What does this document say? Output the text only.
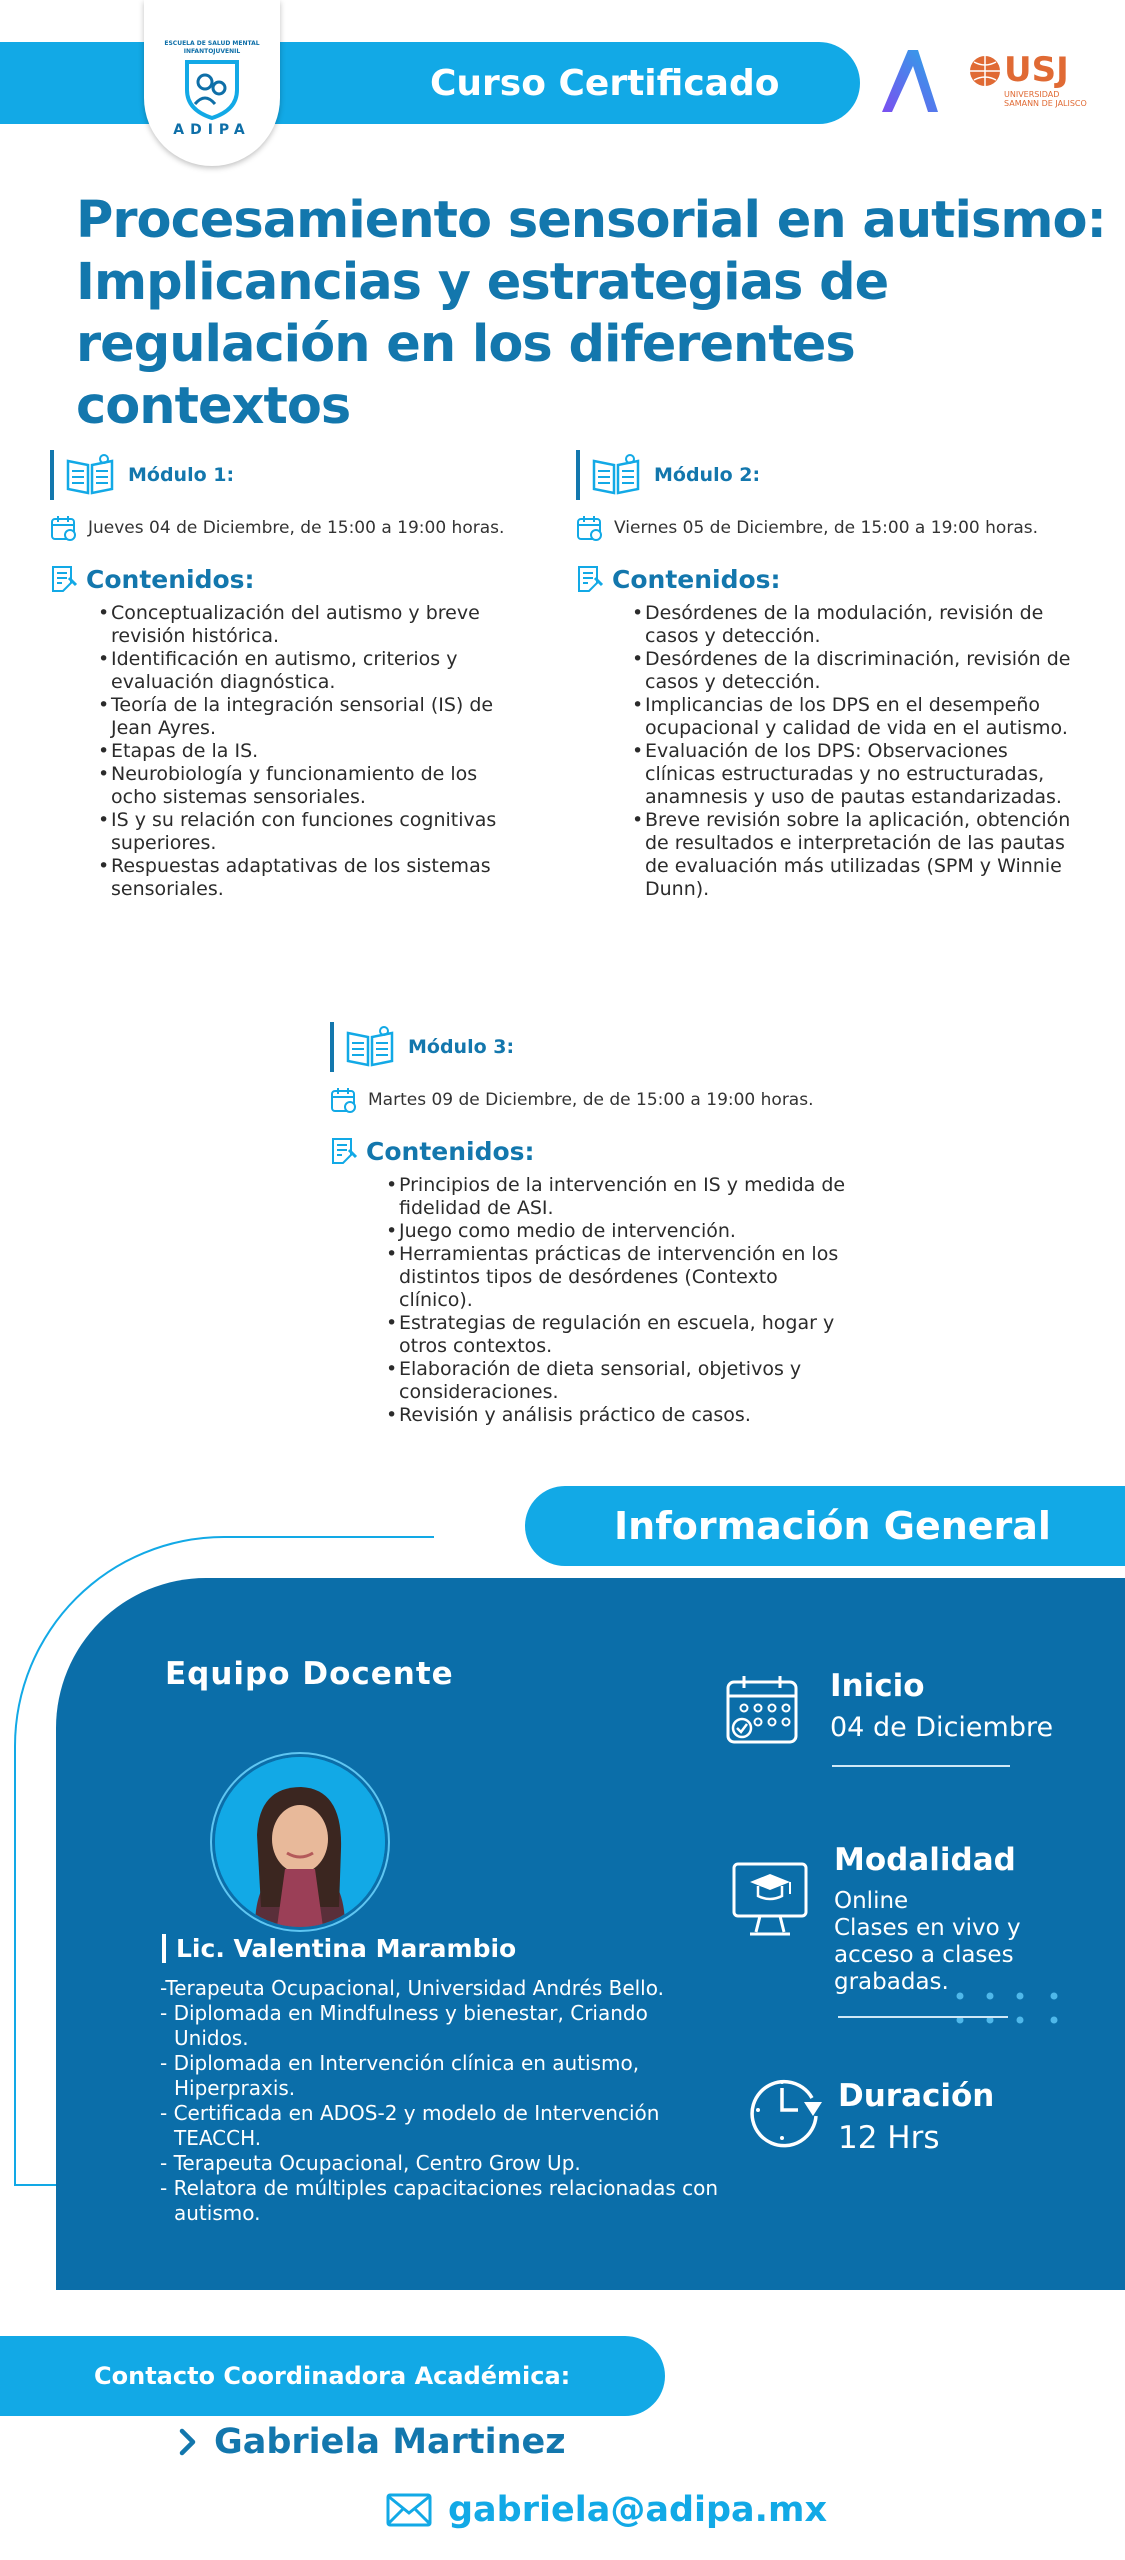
Curso Certificado
ESCUELA DE SALUD MENTAL INFANTOJUVENIL
ADIPA
USJ
UNIVERSIDAD SAMANN DE JALISCO
Procesamiento sensorial en autismo: Implicancias y estrategias de regulación en los diferentes contextos
Módulo 1:
Jueves 04 de Diciembre, de 15:00 a 19:00 horas.
Contenidos:
• Conceptualización del autismo y breve revisión histórica.
• Identificación en autismo, criterios y evaluación diagnóstica.
• Teoría de la integración sensorial (IS) de Jean Ayres.
• Etapas de la IS.
• Neurobiología y funcionamiento de los ocho sistemas sensoriales.
• IS y su relación con funciones cognitivas superiores.
• Respuestas adaptativas de los sistemas sensoriales.
Módulo 2:
Viernes 05 de Diciembre, de 15:00 a 19:00 horas.
Contenidos:
• Desórdenes de la modulación, revisión de casos y detección.
• Desórdenes de la discriminación, revisión de casos y detección.
• Implicancias de los DPS en el desempeño ocupacional y calidad de vida en el autismo.
• Evaluación de los DPS: Observaciones clínicas estructuradas y no estructuradas, anamnesis y uso de pautas estandarizadas.
• Breve revisión sobre la aplicación, obtención de resultados e interpretación de las pautas de evaluación más utilizadas (SPM y Winnie Dunn).
Módulo 3:
Martes 09 de Diciembre, de de 15:00 a 19:00 horas.
Contenidos:
• Principios de la intervención en IS y medida de fidelidad de ASI.
• Juego como medio de intervención.
• Herramientas prácticas de intervención en los distintos tipos de desórdenes (Contexto clínico).
• Estrategias de regulación en escuela, hogar y otros contextos.
• Elaboración de dieta sensorial, objetivos y consideraciones.
• Revisión y análisis práctico de casos.
Información General
Equipo Docente
Lic. Valentina Marambio
-Terapeuta Ocupacional, Universidad Andrés Bello.
- Diplomada en Mindfulness y bienestar, Criando Unidos.
- Diplomada en Intervención clínica en autismo, Hiperpraxis.
- Certificada en ADOS-2 y modelo de Intervención TEACCH.
- Terapeuta Ocupacional, Centro Grow Up.
- Relatora de múltiples capacitaciones relacionadas con autismo.
Inicio
04 de Diciembre
Modalidad
Online
Clases en vivo y
acceso a clases
grabadas.
Duración
12 Hrs
Contacto Coordinadora Académica:
Gabriela Martinez
gabriela@adipa.mx
